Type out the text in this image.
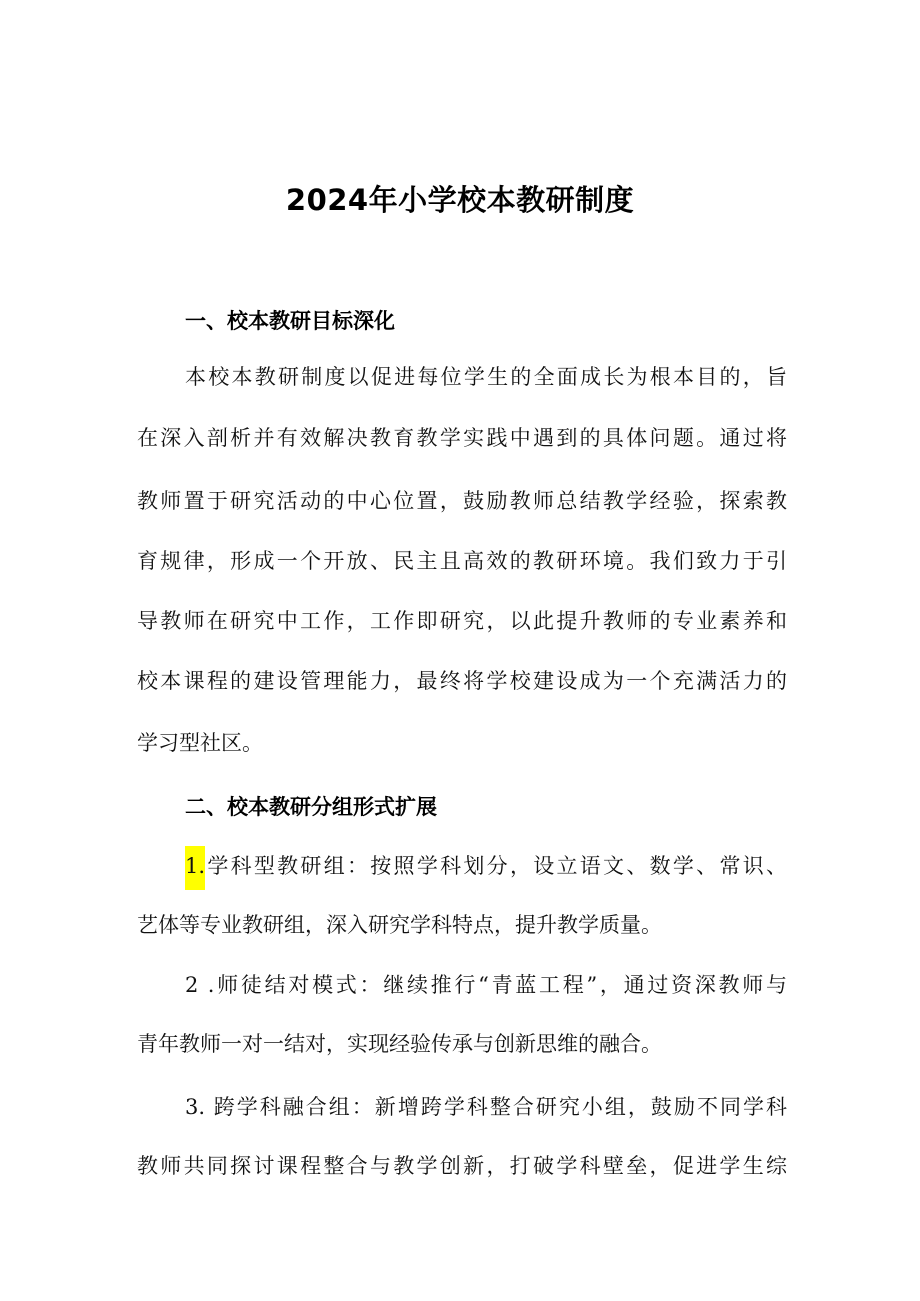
2024年小学校本教研制度
一、校本教研目标深化

本校本教研制度以促进每位学生的全面成长为根本目的，旨

在深入剖析并有效解决教育教学实践中遇到的具体问题。通过将

教师置于研究活动的中心位置，鼓励教师总结教学经验，探索教

育规律，形成一个开放、民主且高效的教研环境。我们致力于引

导教师在研究中工作，工作即研究，以此提升教师的专业素养和

校本课程的建设管理能力，最终将学校建设成为一个充满活力的

学习型社区。

二、校本教研分组形式扩展

1.学科型教研组：按照学科划分，设立语文、数学、常识、

艺体等专业教研组，深入研究学科特点，提升教学质量。

2 .师徒结对模式：继续推行“青蓝工程”，通过资深教师与

青年教师一对一结对，实现经验传承与创新思维的融合。

3. 跨学科融合组：新增跨学科整合研究小组，鼓励不同学科

教师共同探讨课程整合与教学创新，打破学科壁垒，促进学生综
